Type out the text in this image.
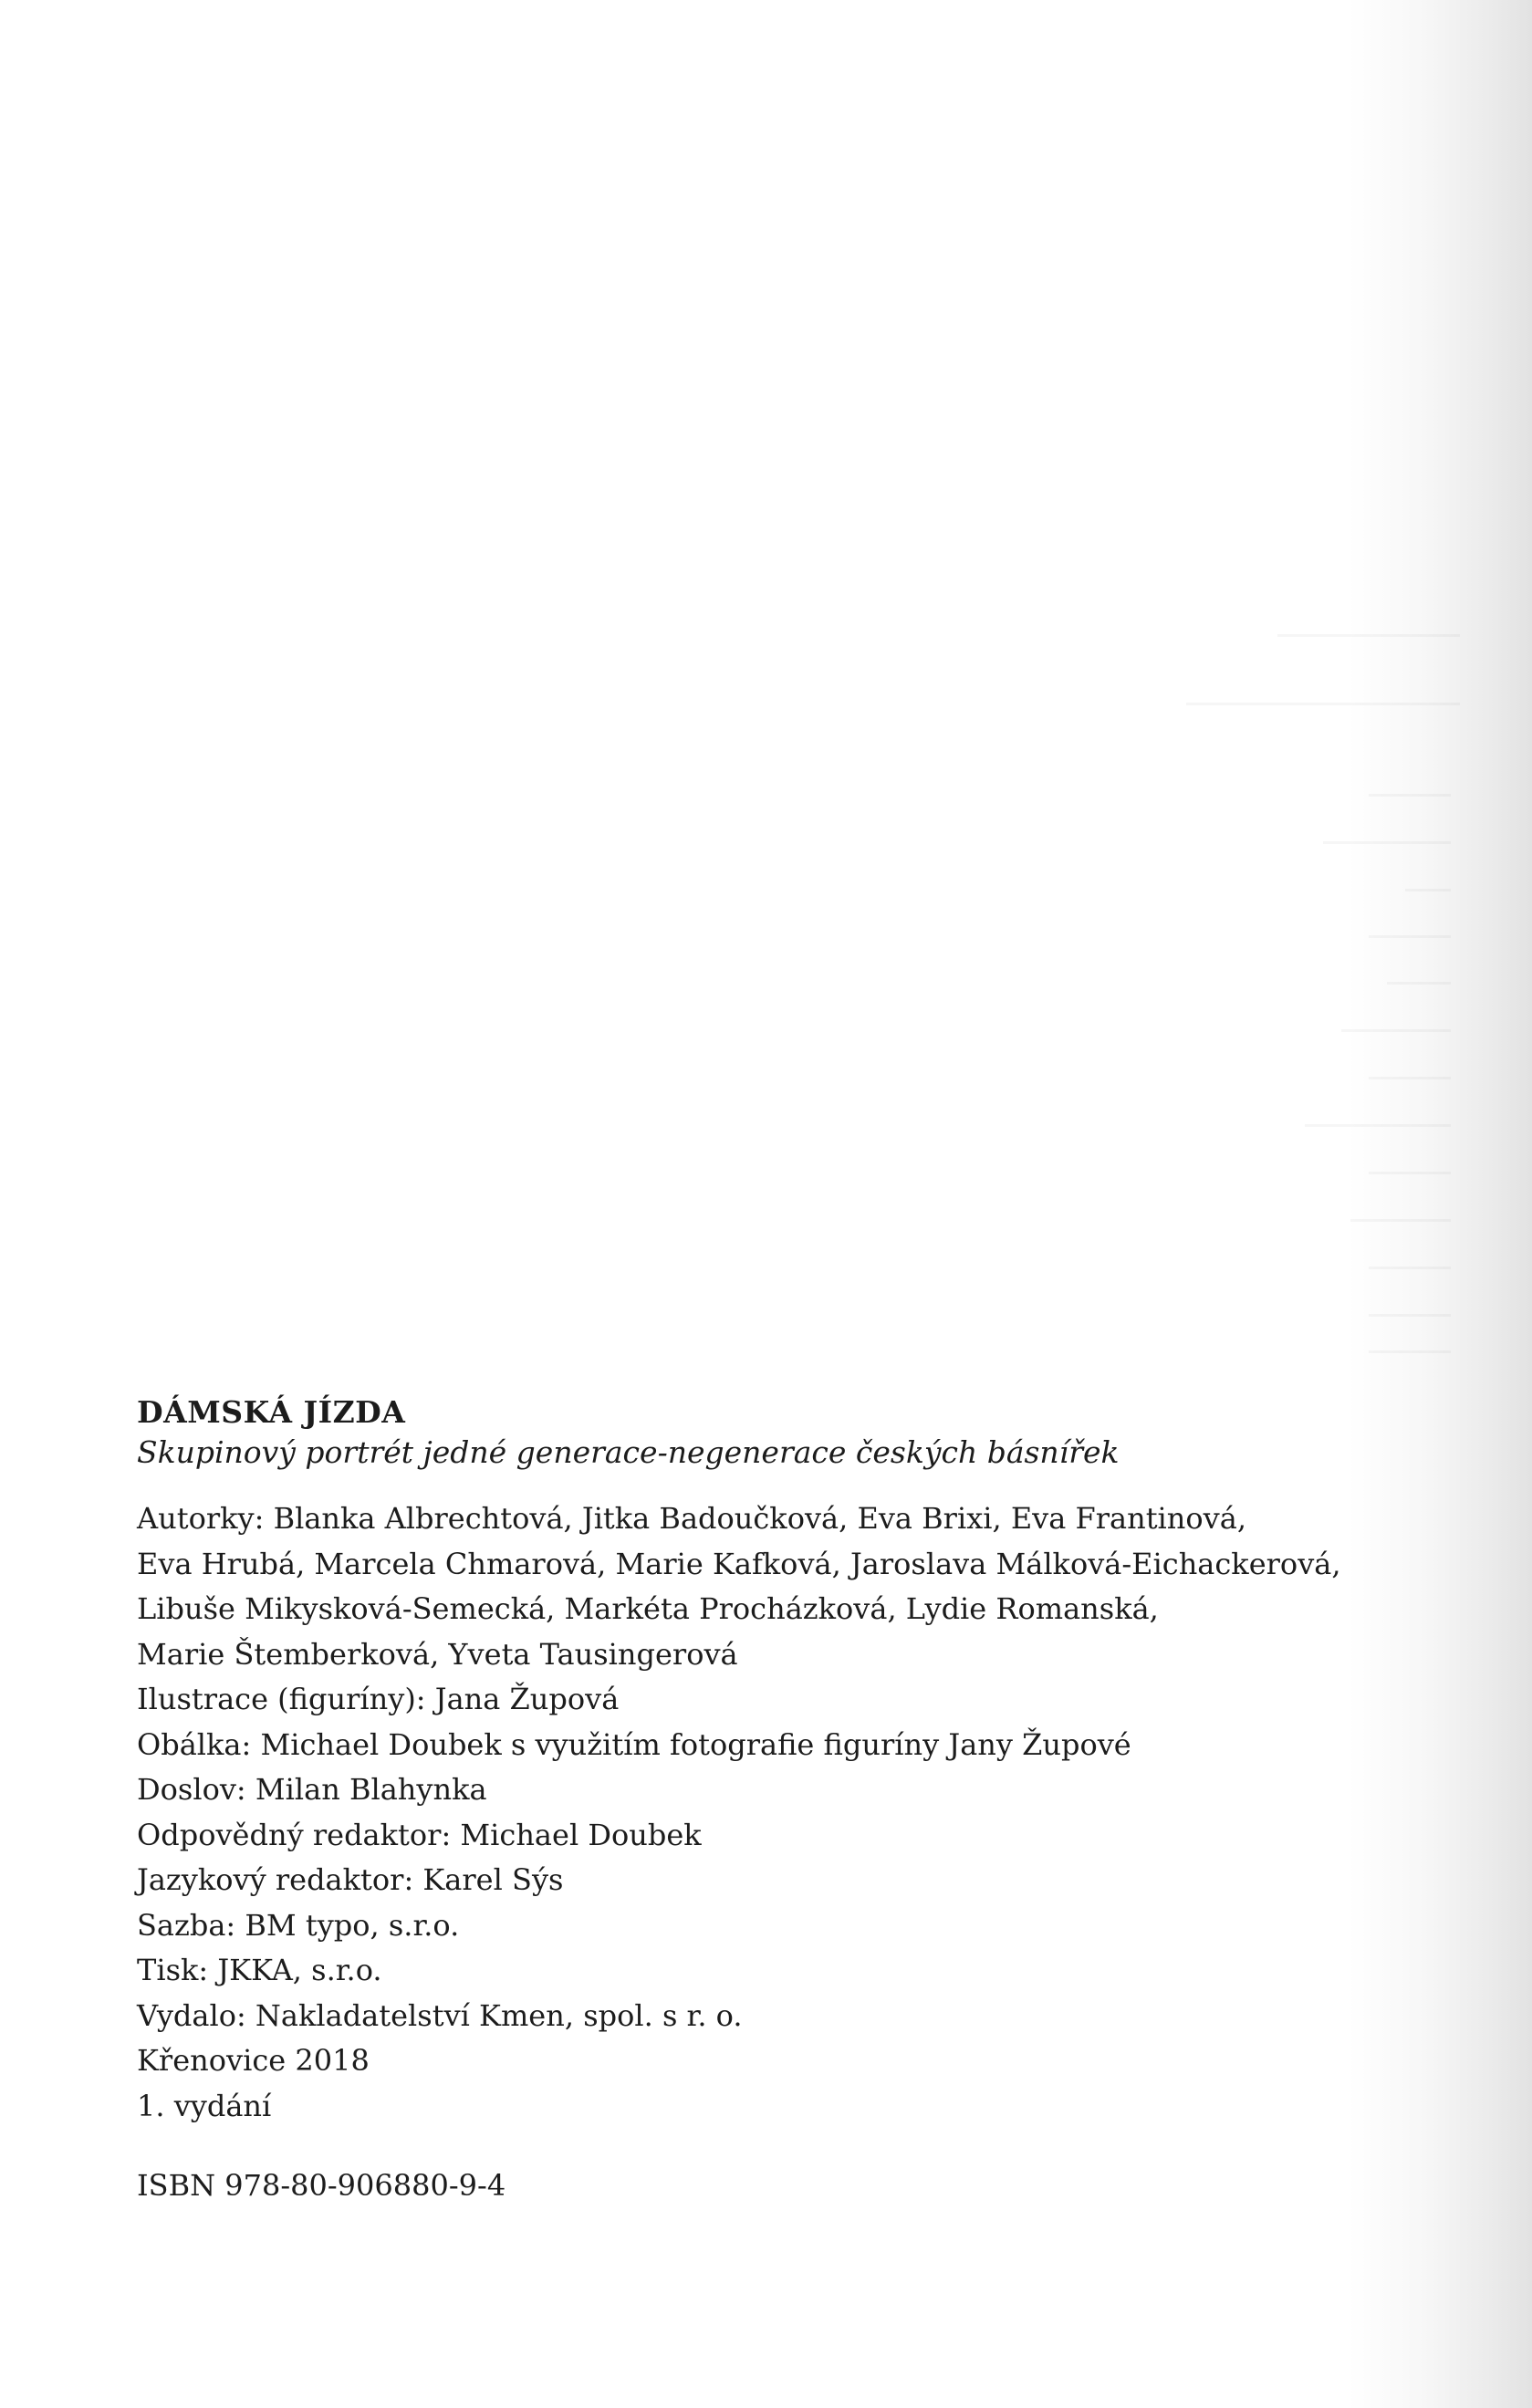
DÁMSKÁ JÍZDA

Skupinový portrét jedné generace-negenerace českých básnířek

Autorky: Blanka Albrechtová, Jitka Badoučková, Eva Brixi, Eva Frantinová,

Eva Hrubá, Marcela Chmarová, Marie Kafková, Jaroslava Málková-Eichackerová,

Libuše Mikysková-Semecká, Markéta Procházková, Lydie Romanská,

Marie Štemberková, Yveta Tausingerová

Ilustrace (figuríny): Jana Župová

Obálka: Michael Doubek s využitím fotografie figuríny Jany Župové

Doslov: Milan Blahynka

Odpovědný redaktor: Michael Doubek

Jazykový redaktor: Karel Sýs

Sazba: BM typo, s.r.o.

Tisk: JKKA, s.r.o.

Vydalo: Nakladatelství Kmen, spol. s r. o.

Křenovice 2018

1. vydání

ISBN 978-80-906880-9-4
